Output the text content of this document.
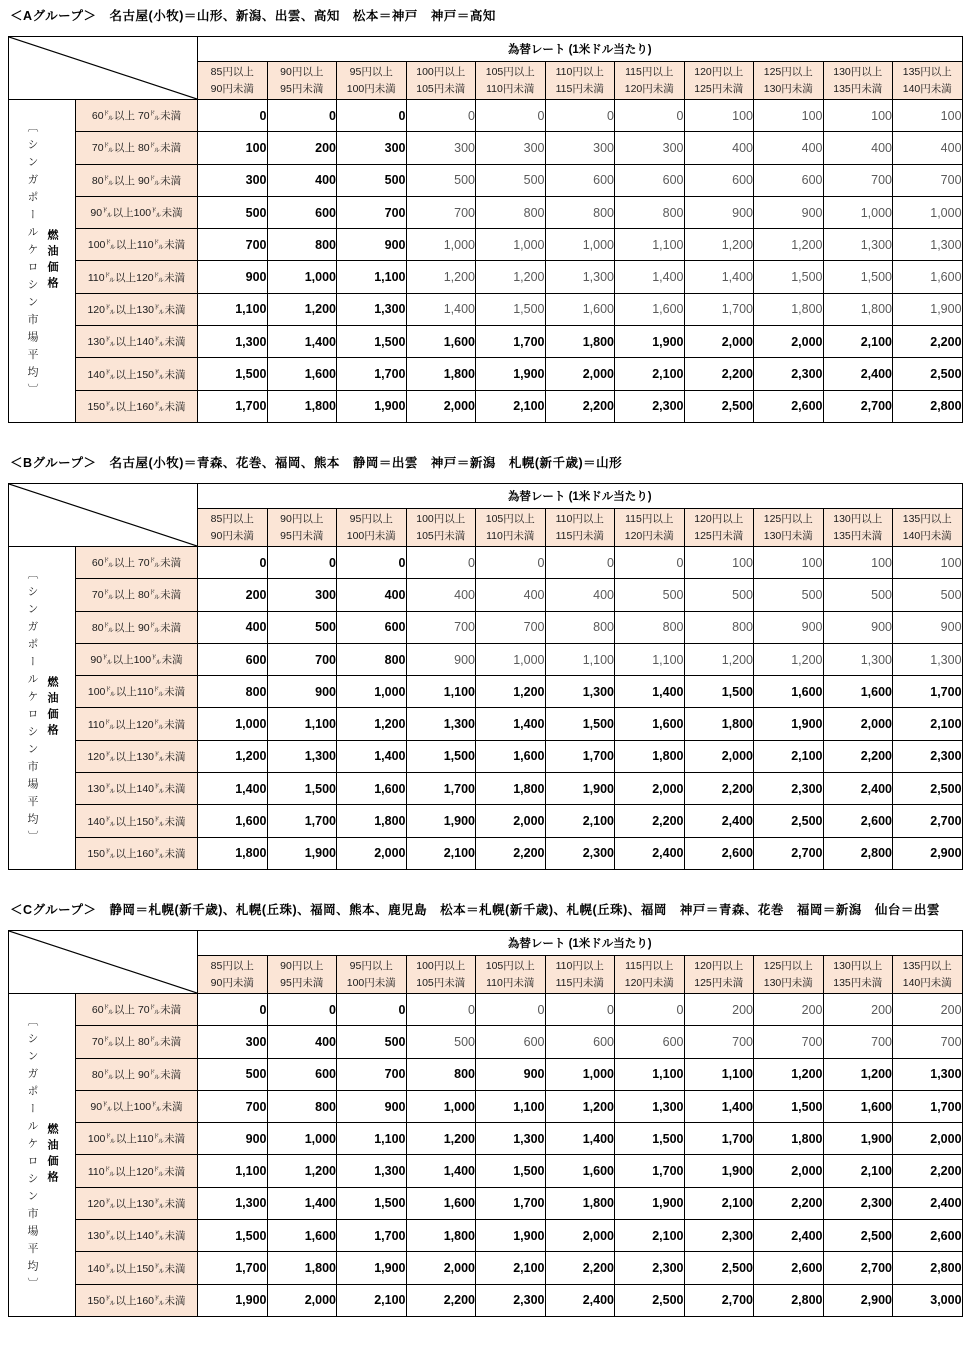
＜Aグループ＞　名古屋(小牧)＝山形、新潟、出雲、高知　松本＝神戸　神戸＝高知
	為替レート (1米ドル当たり)										

85円以上
90円未満

90円以上
95円未満

95円以上
100円未満

100円以上
105円未満

105円以上
110円未満

110円以上
115円未満

115円以上
120円未満

120円以上
125円未満

125円以上
130円未満

130円以上
135円未満

135円以上
140円未満

〔シンガポールケロシン市場平均〕 燃油価格	60㌦以上 70㌦未満	0	0	0	0	0	0	0	100	100	100	100
	70㌦以上 80㌦未満	100	200	300	300	300	300	300	400	400	400	400
	80㌦以上 90㌦未満	300	400	500	500	500	600	600	600	600	700	700
	90㌦以上100㌦未満	500	600	700	700	800	800	800	900	900	1,000	1,000
	100㌦以上110㌦未満	700	800	900	1,000	1,000	1,000	1,100	1,200	1,200	1,300	1,300
	110㌦以上120㌦未満	900	1,000	1,100	1,200	1,200	1,300	1,400	1,400	1,500	1,500	1,600
	120㌦以上130㌦未満	1,100	1,200	1,300	1,400	1,500	1,600	1,600	1,700	1,800	1,800	1,900
	130㌦以上140㌦未満	1,300	1,400	1,500	1,600	1,700	1,800	1,900	2,000	2,000	2,100	2,200
	140㌦以上150㌦未満	1,500	1,600	1,700	1,800	1,900	2,000	2,100	2,200	2,300	2,400	2,500
	150㌦以上160㌦未満	1,700	1,800	1,900	2,000	2,100	2,200	2,300	2,500	2,600	2,700	2,800
＜Bグループ＞　名古屋(小牧)＝青森、花巻、福岡、熊本　静岡＝出雲　神戸＝新潟　札幌(新千歳)＝山形
	為替レート (1米ドル当たり)										

85円以上
90円未満

90円以上
95円未満

95円以上
100円未満

100円以上
105円未満

105円以上
110円未満

110円以上
115円未満

115円以上
120円未満

120円以上
125円未満

125円以上
130円未満

130円以上
135円未満

135円以上
140円未満

〔シンガポールケロシン市場平均〕 燃油価格	60㌦以上 70㌦未満	0	0	0	0	0	0	0	100	100	100	100
	70㌦以上 80㌦未満	200	300	400	400	400	400	500	500	500	500	500
	80㌦以上 90㌦未満	400	500	600	700	700	800	800	800	900	900	900
	90㌦以上100㌦未満	600	700	800	900	1,000	1,100	1,100	1,200	1,200	1,300	1,300
	100㌦以上110㌦未満	800	900	1,000	1,100	1,200	1,300	1,400	1,500	1,600	1,600	1,700
	110㌦以上120㌦未満	1,000	1,100	1,200	1,300	1,400	1,500	1,600	1,800	1,900	2,000	2,100
	120㌦以上130㌦未満	1,200	1,300	1,400	1,500	1,600	1,700	1,800	2,000	2,100	2,200	2,300
	130㌦以上140㌦未満	1,400	1,500	1,600	1,700	1,800	1,900	2,000	2,200	2,300	2,400	2,500
	140㌦以上150㌦未満	1,600	1,700	1,800	1,900	2,000	2,100	2,200	2,400	2,500	2,600	2,700
	150㌦以上160㌦未満	1,800	1,900	2,000	2,100	2,200	2,300	2,400	2,600	2,700	2,800	2,900
＜Cグループ＞　静岡＝札幌(新千歳)、札幌(丘珠)、福岡、熊本、鹿児島　松本＝札幌(新千歳)、札幌(丘珠)、福岡　神戸＝青森、花巻　福岡＝新潟　仙台＝出雲
	為替レート (1米ドル当たり)										

85円以上
90円未満

90円以上
95円未満

95円以上
100円未満

100円以上
105円未満

105円以上
110円未満

110円以上
115円未満

115円以上
120円未満

120円以上
125円未満

125円以上
130円未満

130円以上
135円未満

135円以上
140円未満

〔シンガポールケロシン市場平均〕 燃油価格	60㌦以上 70㌦未満	0	0	0	0	0	0	0	200	200	200	200
	70㌦以上 80㌦未満	300	400	500	500	600	600	600	700	700	700	700
	80㌦以上 90㌦未満	500	600	700	800	900	1,000	1,100	1,100	1,200	1,200	1,300
	90㌦以上100㌦未満	700	800	900	1,000	1,100	1,200	1,300	1,400	1,500	1,600	1,700
	100㌦以上110㌦未満	900	1,000	1,100	1,200	1,300	1,400	1,500	1,700	1,800	1,900	2,000
	110㌦以上120㌦未満	1,100	1,200	1,300	1,400	1,500	1,600	1,700	1,900	2,000	2,100	2,200
	120㌦以上130㌦未満	1,300	1,400	1,500	1,600	1,700	1,800	1,900	2,100	2,200	2,300	2,400
	130㌦以上140㌦未満	1,500	1,600	1,700	1,800	1,900	2,000	2,100	2,300	2,400	2,500	2,600
	140㌦以上150㌦未満	1,700	1,800	1,900	2,000	2,100	2,200	2,300	2,500	2,600	2,700	2,800
	150㌦以上160㌦未満	1,900	2,000	2,100	2,200	2,300	2,400	2,500	2,700	2,800	2,900	3,000
